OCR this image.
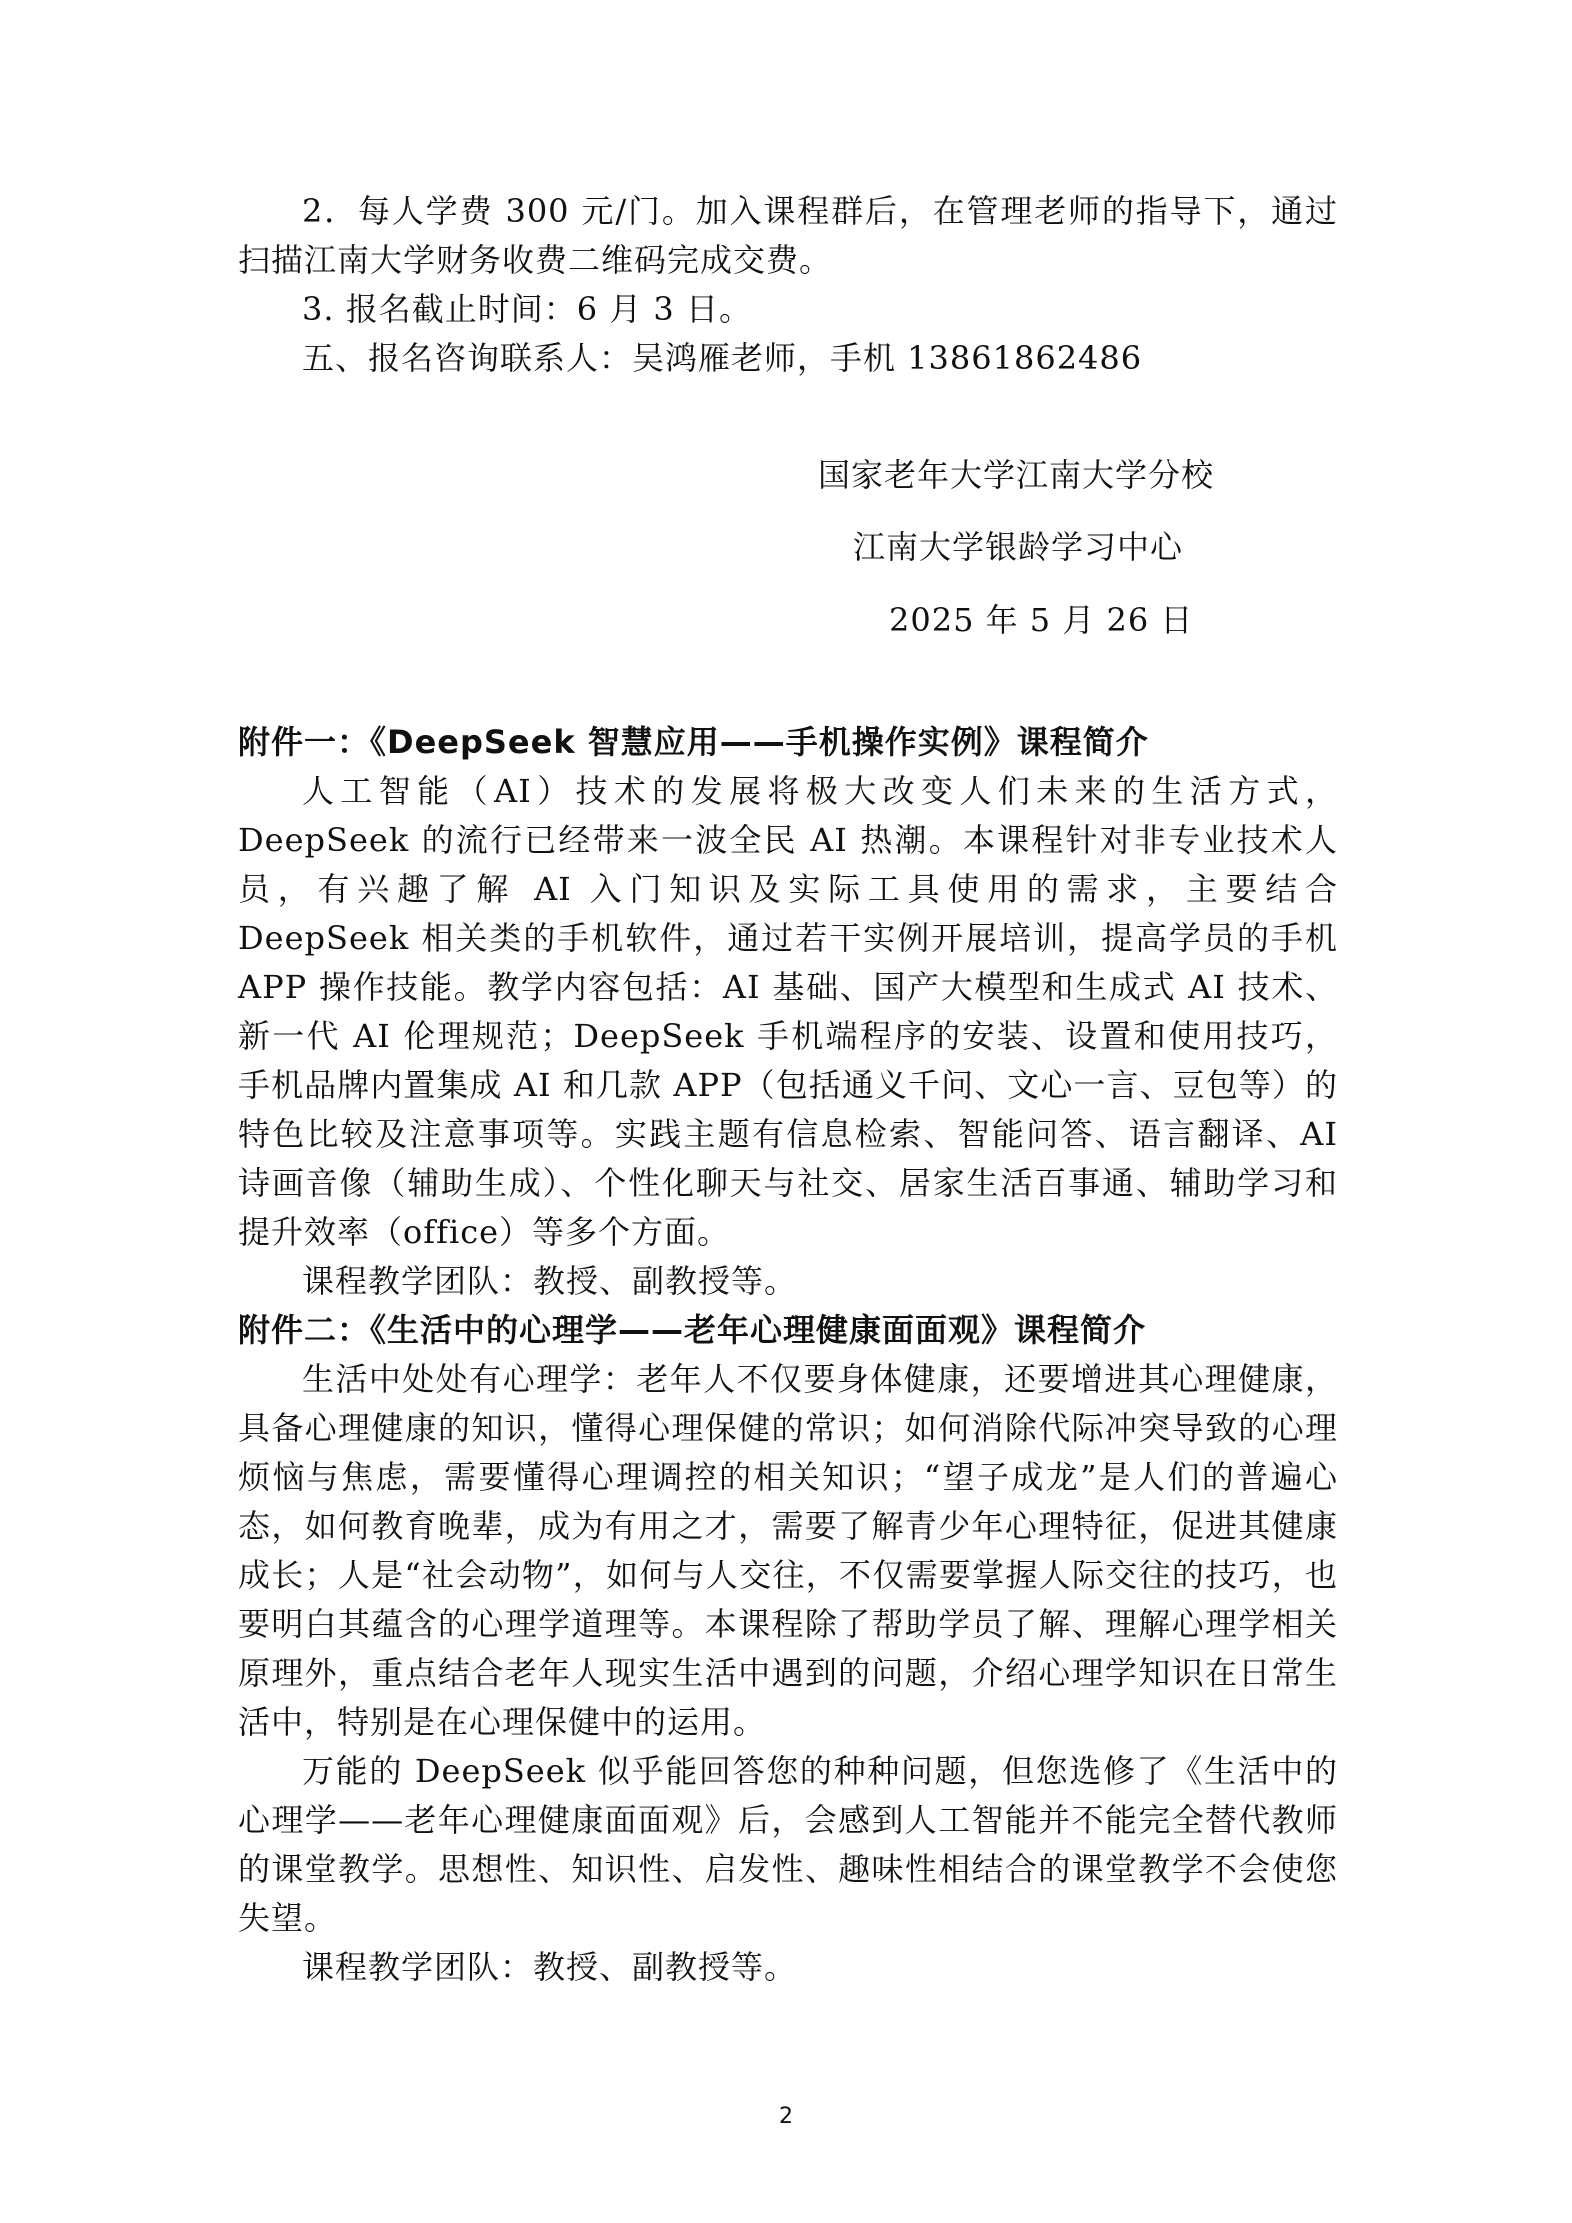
2．每人学费 300 元/门。加入课程群后，在管理老师的指导下，通过扫描江南大学财务收费二维码完成交费。

3. 报名截止时间：6 月 3 日。

五、报名咨询联系人：吴鸿雁老师，手机 13861862486

国家老年大学江南大学分校
江南大学银龄学习中心
2025 年 5 月 26 日

附件一：《DeepSeek 智慧应用——手机操作实例》课程简介

人工智能（AI）技术的发展将极大改变人们未来的生活方式，DeepSeek 的流行已经带来一波全民 AI 热潮。本课程针对非专业技术人员，有兴趣了解 AI 入门知识及实际工具使用的需求，主要结合 DeepSeek 相关类的手机软件，通过若干实例开展培训，提高学员的手机 APP 操作技能。教学内容包括：AI 基础、国产大模型和生成式 AI 技术、新一代 AI 伦理规范；DeepSeek 手机端程序的安装、设置和使用技巧，手机品牌内置集成 AI 和几款 APP（包括通义千问、文心一言、豆包等）的特色比较及注意事项等。实践主题有信息检索、智能问答、语言翻译、AI 诗画音像（辅助生成）、个性化聊天与社交、居家生活百事通、辅助学习和提升效率（office）等多个方面。

课程教学团队：教授、副教授等。

附件二：《生活中的心理学——老年心理健康面面观》课程简介

生活中处处有心理学：老年人不仅要身体健康，还要增进其心理健康，具备心理健康的知识，懂得心理保健的常识；如何消除代际冲突导致的心理烦恼与焦虑，需要懂得心理调控的相关知识；“望子成龙”是人们的普遍心态，如何教育晚辈，成为有用之才，需要了解青少年心理特征，促进其健康成长；人是“社会动物”，如何与人交往，不仅需要掌握人际交往的技巧，也要明白其蕴含的心理学道理等。本课程除了帮助学员了解、理解心理学相关原理外，重点结合老年人现实生活中遇到的问题，介绍心理学知识在日常生活中，特别是在心理保健中的运用。

万能的 DeepSeek 似乎能回答您的种种问题，但您选修了《生活中的心理学——老年心理健康面面观》后，会感到人工智能并不能完全替代教师的课堂教学。思想性、知识性、启发性、趣味性相结合的课堂教学不会使您失望。

课程教学团队：教授、副教授等。

2
